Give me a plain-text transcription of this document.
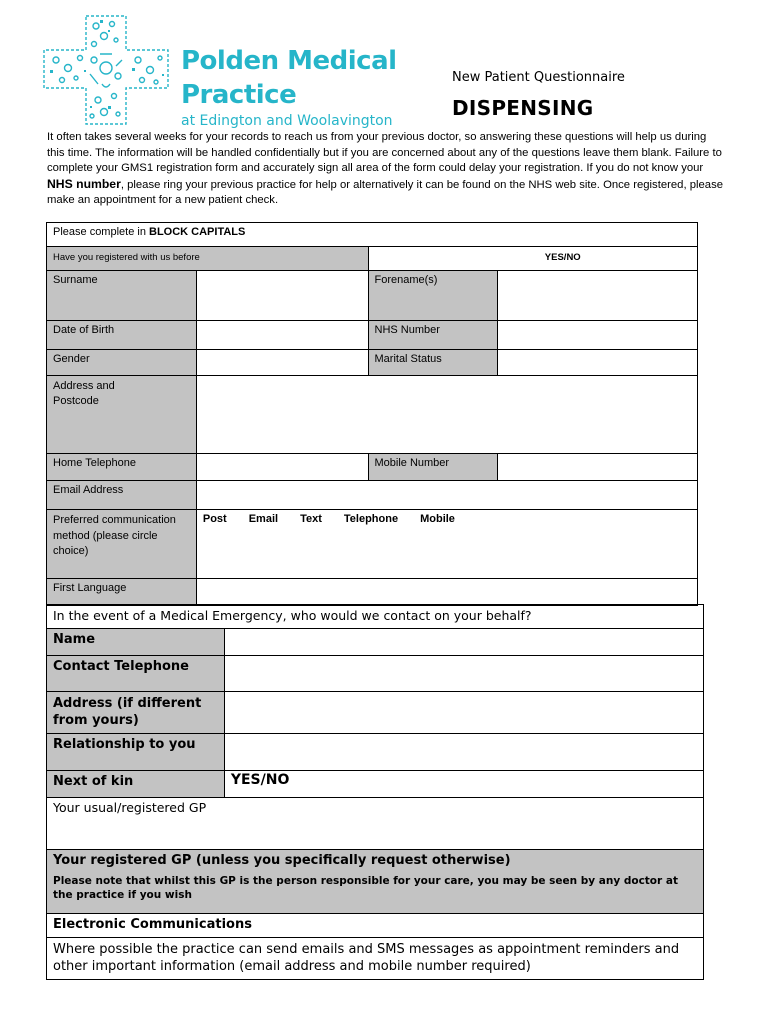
Polden Medical
Practice
at Edington and Woolavington
New Patient Questionnaire
DISPENSING
It often takes several weeks for your records to reach us from your previous doctor, so answering these questions will help us during this time. The information will be handled confidentially but if you are concerned about any of the questions leave them blank. Failure to complete your GMS1 registration form and accurately sign all area of the form could delay your registration. If you do not know your NHS number, please ring your previous practice for help or alternatively it can be found on the NHS web site. Once registered, please make an appointment for a new patient check.
Please complete in BLOCK CAPITALS			
Have you registered with us before		YES/NO	
Surname		Forename(s)	
Date of Birth		NHS Number	
Gender		Marital Status	
Address and Postcode			
Home Telephone		Mobile Number	
Email Address			
Preferred communication method (please circle choice)	Post Email Text Telephone Mobile		
First Language			
In the event of a Medical Emergency, who would we contact on your behalf?	
Name	
Contact Telephone	
Address (if different from yours)	
Relationship to you	
Next of kin	YES/NO
Your usual/registered GP	

Your registered GP (unless you specifically request otherwise)
Please note that whilst this GP is the person responsible for your care, you may be seen by any doctor at the practice if you wish	

Electronic Communications	
Where possible the practice can send emails and SMS messages as appointment reminders and other important information (email address and mobile number required)	
